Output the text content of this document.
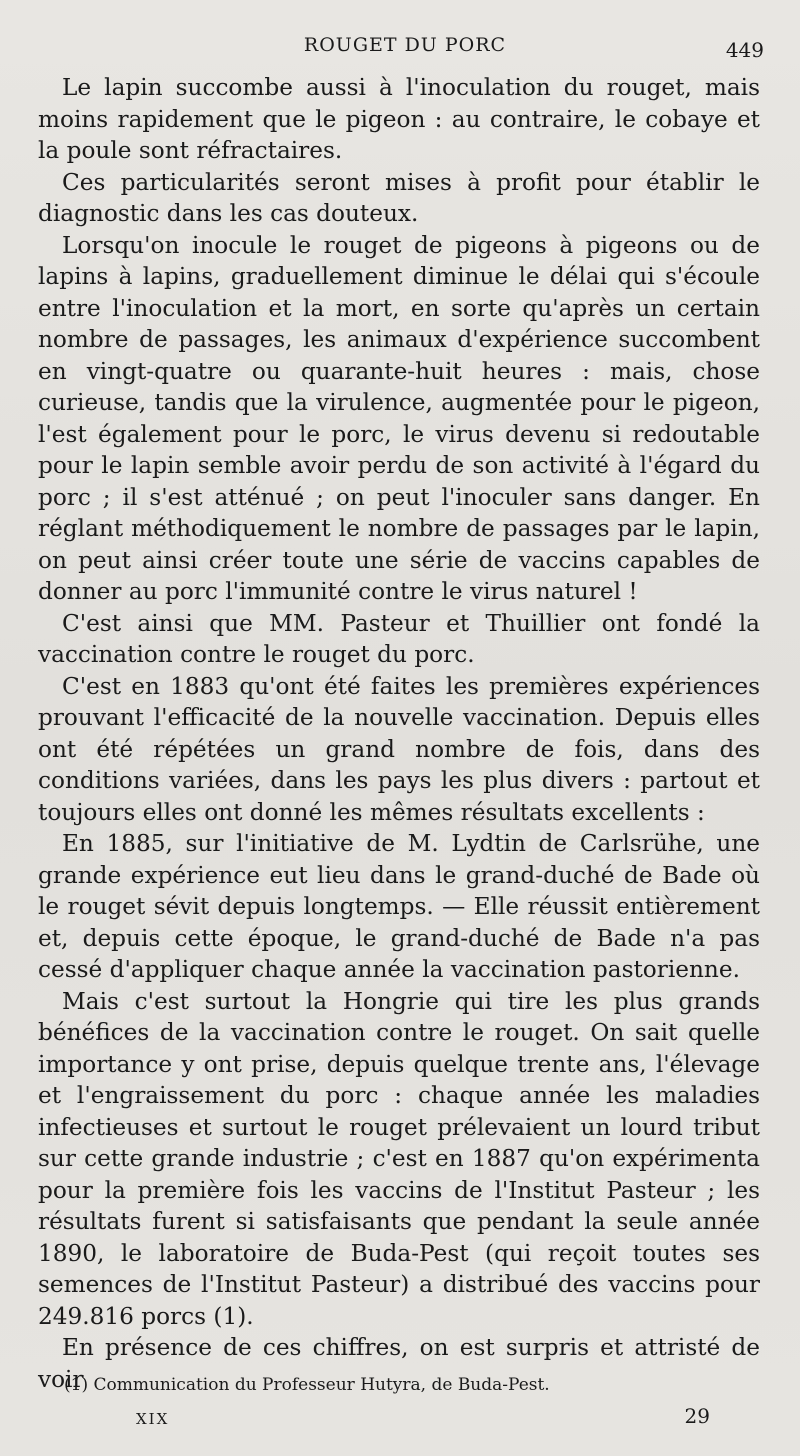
ROUGET DU PORC	449

Le lapin succombe aussi à l'inoculation du rouget, mais moins rapidement que le pigeon : au contraire, le cobaye et la poule sont réfractaires.

Ces particularités seront mises à profit pour établir le diagnostic dans les cas douteux.

Lorsqu'on inocule le rouget de pigeons à pigeons ou de lapins à lapins, graduellement diminue le délai qui s'écoule entre l'inoculation et la mort, en sorte qu'après un certain nombre de passages, les animaux d'expérience succombent en vingt-quatre ou quarante-huit heures : mais, chose curieuse, tandis que la virulence, augmentée pour le pigeon, l'est également pour le porc, le virus devenu si redoutable pour le lapin semble avoir perdu de son activité à l'égard du porc ; il s'est atténué ; on peut l'inoculer sans danger. En réglant méthodiquement le nombre de passages par le lapin, on peut ainsi créer toute une série de vaccins capables de donner au porc l'immunité contre le virus naturel !

C'est ainsi que MM. Pasteur et Thuillier ont fondé la vaccination contre le rouget du porc.

C'est en 1883 qu'ont été faites les premières expériences prouvant l'efficacité de la nouvelle vaccination. Depuis elles ont été répétées un grand nombre de fois, dans des conditions variées, dans les pays les plus divers : partout et toujours elles ont donné les mêmes résultats excellents :

En 1885, sur l'initiative de M. Lydtin de Carlsrühe, une grande expérience eut lieu dans le grand-duché de Bade où le rouget sévit depuis longtemps. — Elle réussit entièrement et, depuis cette époque, le grand-duché de Bade n'a pas cessé d'appliquer chaque année la vaccination pastorienne.

Mais c'est surtout la Hongrie qui tire les plus grands bénéfices de la vaccination contre le rouget. On sait quelle importance y ont prise, depuis quelque trente ans, l'élevage et l'engraissement du porc : chaque année les maladies infectieuses et surtout le rouget prélevaient un lourd tribut sur cette grande industrie ; c'est en 1887 qu'on expérimenta pour la première fois les vaccins de l'Institut Pasteur ; les résultats furent si satisfaisants que pendant la seule année 1890, le laboratoire de Buda-Pest (qui reçoit toutes ses semences de l'Institut Pasteur) a distribué des vaccins pour 249.816 porcs (1).

En présence de ces chiffres, on est surpris et attristé de voir

(1) Communication du Professeur Hutyra, de Buda-Pest.
XIX	29
